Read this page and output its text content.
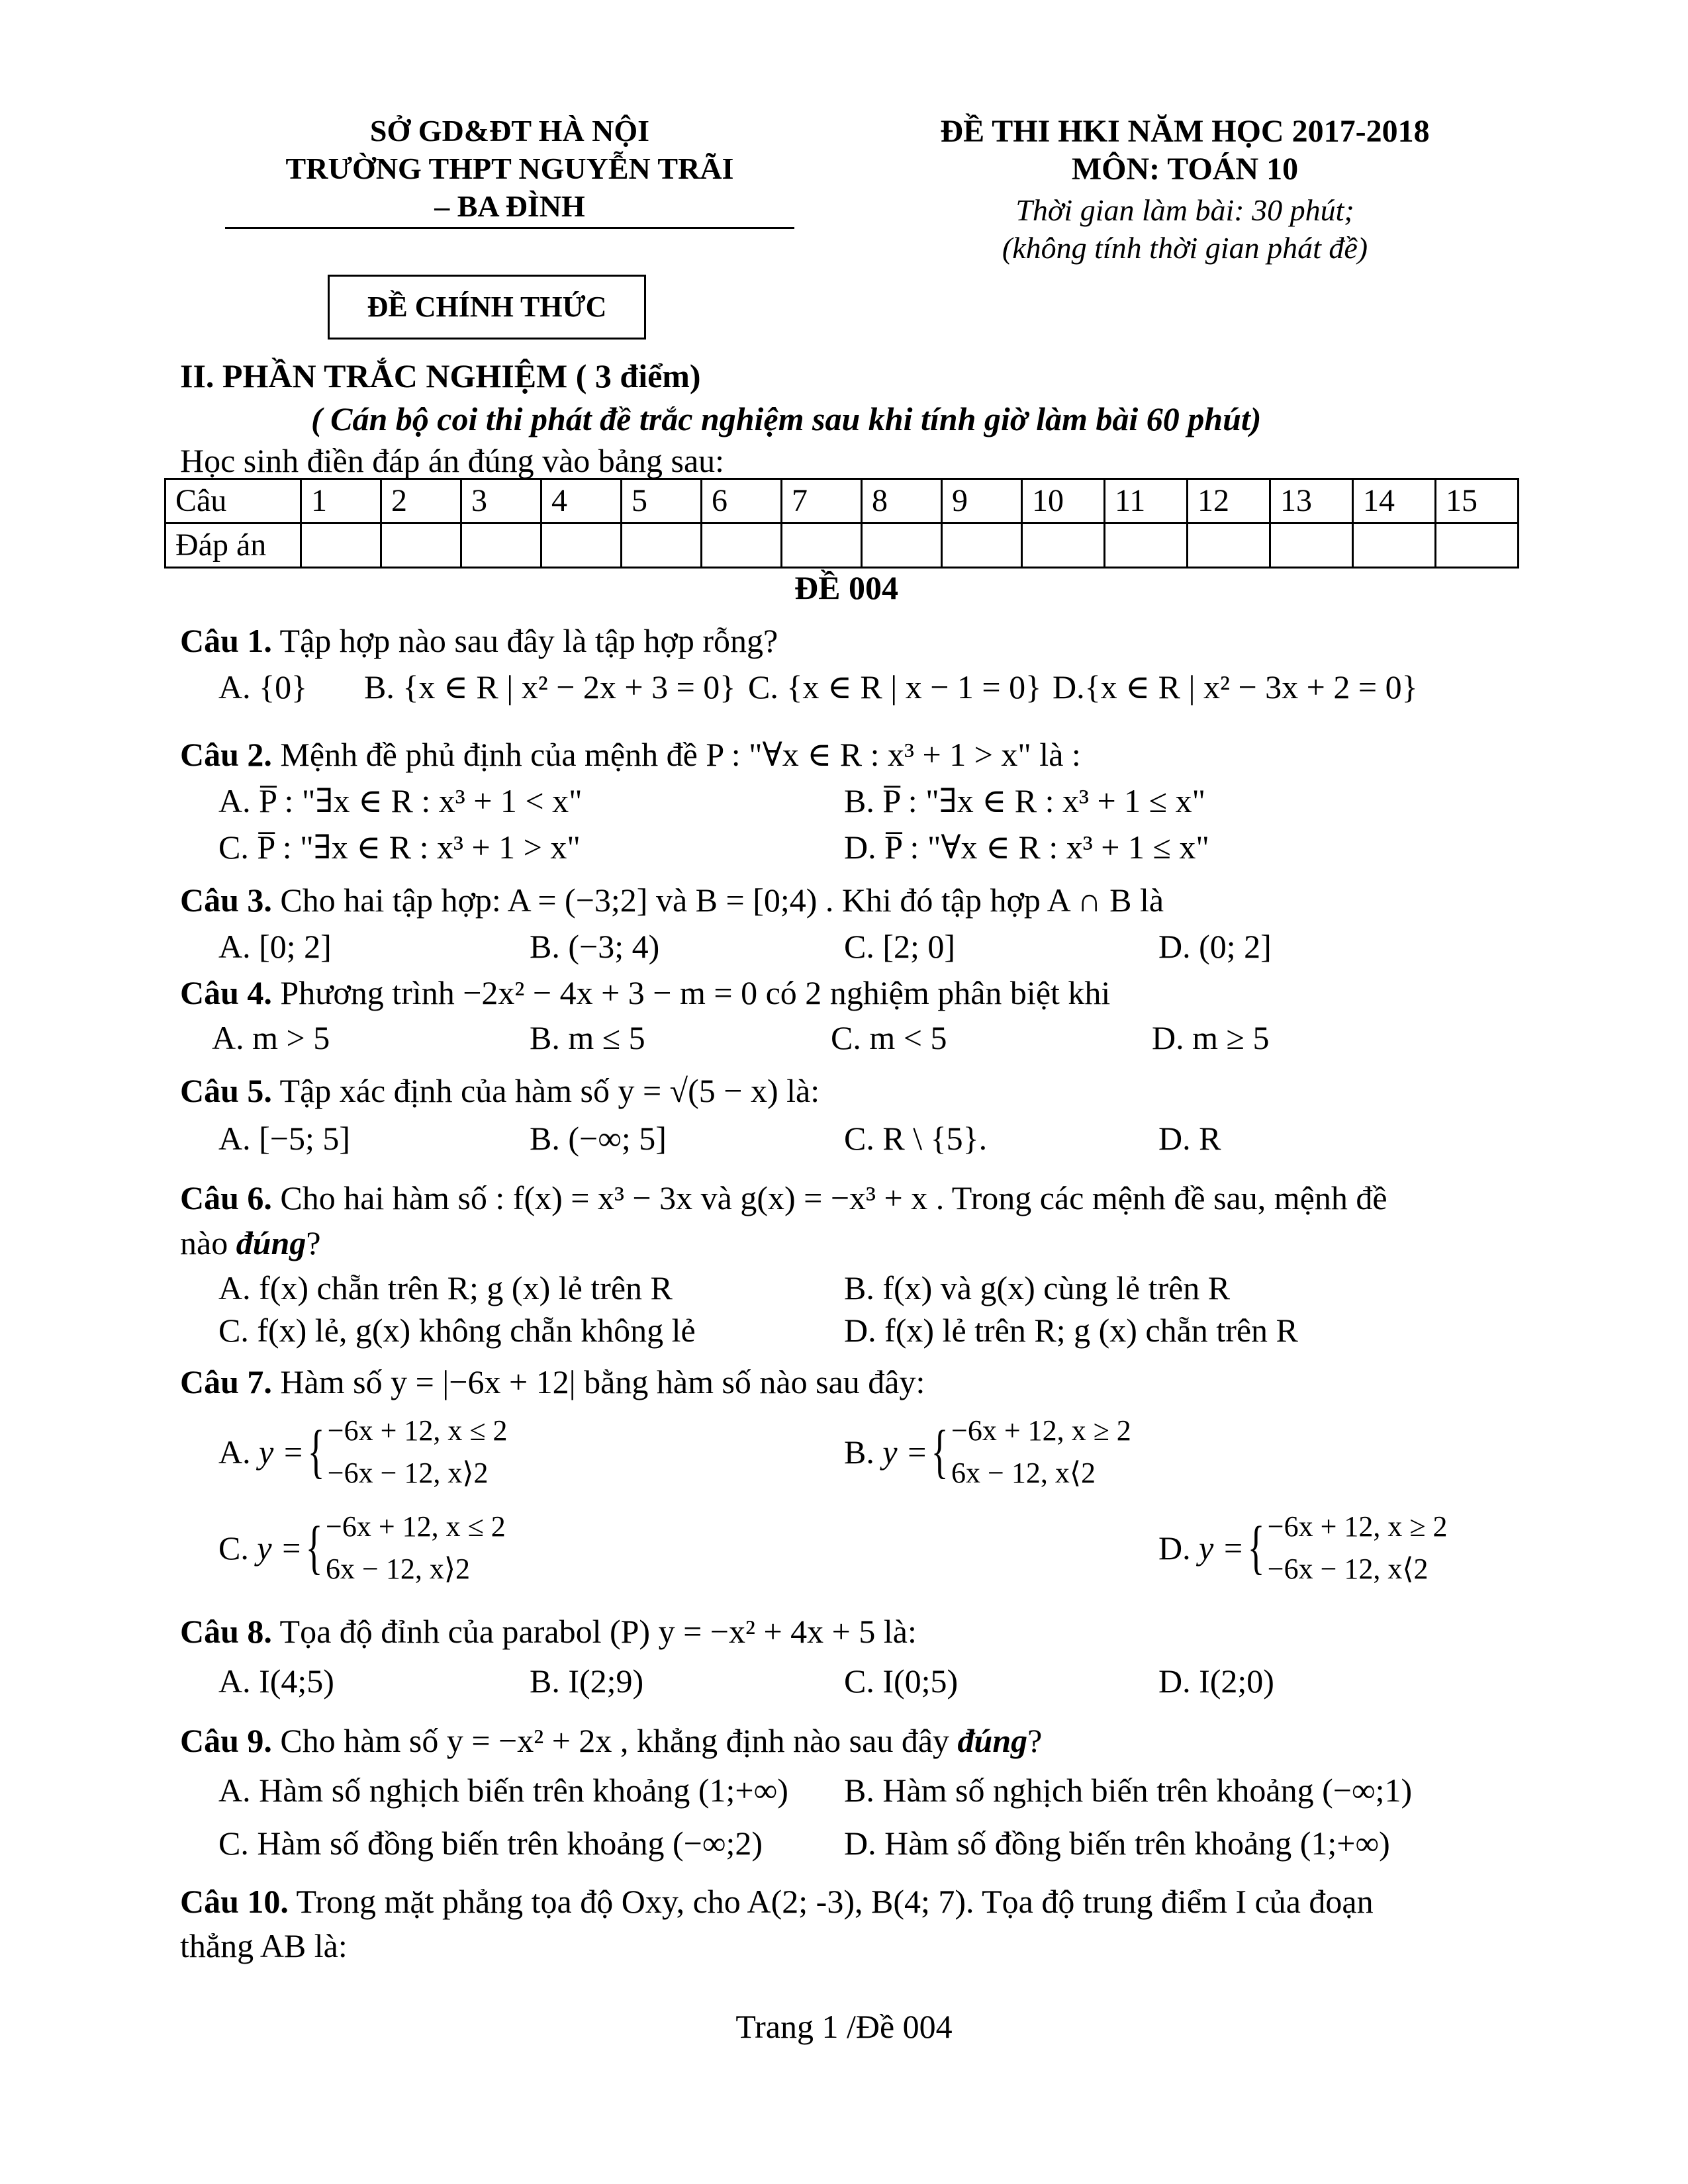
SỞ GD&ĐT HÀ NỘI
TRƯỜNG THPT NGUYỄN TRÃI
– BA ĐÌNH
ĐỀ CHÍNH THỨC
ĐỀ THI HKI NĂM HỌC 2017-2018
MÔN: TOÁN 10
Thời gian làm bài: 30 phút;
(không tính thời gian phát đề)
II. PHẦN TRẮC NGHIỆM ( 3 điểm)
( Cán bộ coi thi phát đề trắc nghiệm sau khi tính giờ làm bài 60 phút)
Học sinh điền đáp án đúng vào bảng sau:
Câu	1	2	3	4	5	6	7	8	9	10	11	12	13	14	15
Đáp án															
ĐỀ 004
Câu 1. Tập hợp nào sau đây là tập hợp rỗng?
A. {0} B. {x ∈ R | x² − 2x + 3 = 0} C. {x ∈ R | x − 1 = 0} D.{x ∈ R | x² − 3x + 2 = 0}
Câu 2. Mệnh đề phủ định của mệnh đề P : "∀x ∈ R : x³ + 1 > x" là :
A. P̅ : "∃x ∈ R : x³ + 1 < x"	B. P̅ : "∃x ∈ R : x³ + 1 ≤ x"
C. P̅ : "∃x ∈ R : x³ + 1 > x"	D. P̅ : "∀x ∈ R : x³ + 1 ≤ x"
Câu 3. Cho hai tập hợp: A = (−3;2] và B = [0;4) . Khi đó tập hợp A ∩ B là
A. [0; 2]	B. (−3; 4)	C. [2; 0]	D. (0; 2]
Câu 4. Phương trình −2x² − 4x + 3 − m = 0 có 2 nghiệm phân biệt khi
A. m > 5	B. m ≤ 5	C. m < 5	D. m ≥ 5
Câu 5. Tập xác định của hàm số y = √(5 − x) là:
A. [−5; 5]	B. (−∞; 5]	C. R \ {5}.	D. R
Câu 6. Cho hai hàm số : f(x) = x³ − 3x và g(x) = −x³ + x . Trong các mệnh đề sau, mệnh đề
nào đúng?
A. f(x) chẵn trên R; g (x) lẻ trên R	B. f(x) và g(x) cùng lẻ trên R
C. f(x) lẻ, g(x) không chẵn không lẻ	D. f(x) lẻ trên R; g (x) chẵn trên R
Câu 7. Hàm số y = |−6x + 12| bằng hàm số nào sau đây:
A.
y = { −6x + 12, x ≤ 2
−6x − 12, x⟩2
B.
y = { −6x + 12, x ≥ 2
6x − 12, x⟨2
C.
y = { −6x + 12, x ≤ 2
6x − 12, x⟩2
D.
y = { −6x + 12, x ≥ 2
−6x − 12, x⟨2
Câu 8. Tọa độ đỉnh của parabol (P) y = −x² + 4x + 5 là:
A. I(4;5)	B. I(2;9)	C. I(0;5)	D. I(2;0)
Câu 9. Cho hàm số y = −x² + 2x , khẳng định nào sau đây đúng?
A. Hàm số nghịch biến trên khoảng (1;+∞) B. Hàm số nghịch biến trên khoảng (−∞;1)
C. Hàm số đồng biến trên khoảng (−∞;2) D. Hàm số đồng biến trên khoảng (1;+∞)
Câu 10. Trong mặt phẳng tọa độ Oxy, cho A(2; -3), B(4; 7). Tọa độ trung điểm I của đoạn
thẳng AB là:
Trang 1 /Đề 004
